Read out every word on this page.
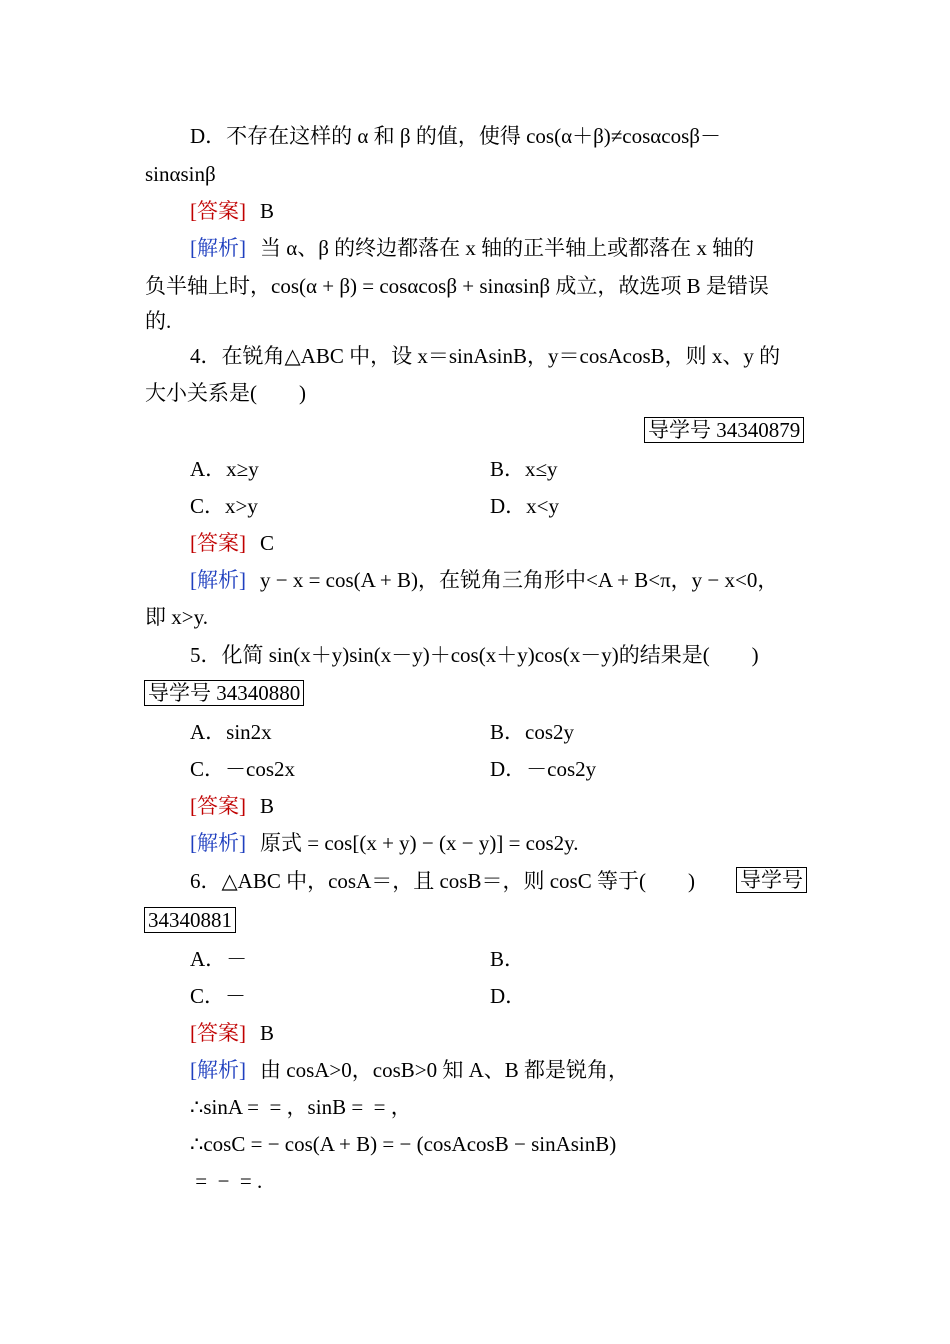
D．不存在这样的 α 和 β 的值，使得 cos(α＋β)≠cosαcosβ－
sinαsinβ
[答案] B
[解析] 当 α、β 的终边都落在 x 轴的正半轴上或都落在 x 轴的
负半轴上时，cos(α + β) = cosαcosβ + sinαsinβ 成立，故选项 B 是错误
的.
4．在锐角△ABC 中，设 x＝sinAsinB，y＝cosAcosB，则 x、y 的
大小关系是(　　)
导学号 34340879
A．x≥y	B．x≤y
C．x>y	D．x<y
[答案] C
[解析] y − x = cos(A + B)，在锐角三角形中<A + B<π，y − x<0，
即 x>y.
5．化简 sin(x＋y)sin(x－y)＋cos(x＋y)cos(x－y)的结果是(　　)
导学号 34340880
A．sin2x	B．cos2y
C．－cos2x	D．－cos2y
[答案] B
[解析] 原式 = cos[(x + y) − (x − y)] = cos2y.
6．△ABC 中，cosA＝，且 cosB＝，则 cosC 等于(　　) 导学号
34340881
A．－	B．
C．－	D．
[答案] B
[解析] 由 cosA>0，cosB>0 知 A、B 都是锐角，
∴sinA =  = ，sinB =  = ，
∴cosC = − cos(A + B) = − (cosAcosB − sinAsinB)
=  −  = .
